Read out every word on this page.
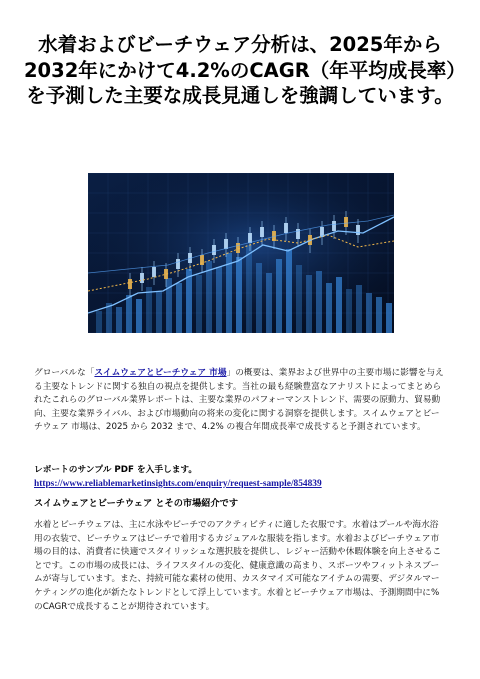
水着およびビーチウェア分析は、2025年から2032年にかけて4.2%のCAGR（年平均成長率）を予測した主要な成長見通しを強調しています。
グローバルな「スイムウェアとビーチウェア 市場」の概要は、業界および世界中の主要市場に影響を与える主要なトレンドに関する独自の視点を提供します。当社の最も経験豊富なアナリストによってまとめられたこれらのグローバル業界レポートは、主要な業界のパフォーマンストレンド、需要の原動力、貿易動向、主要な業界ライバル、および市場動向の将来の変化に関する洞察を提供します。スイムウェアとビーチウェア 市場は、2025 から 2032 まで、4.2% の複合年間成長率で成長すると予測されています。
レポートのサンプル PDF を入手します。
https://www.reliablemarketinsights.com/enquiry/request-sample/854839
スイムウェアとビーチウェア とその市場紹介です
水着とビーチウェアは、主に水泳やビーチでのアクティビティに適した衣服です。水着はプールや海水浴用の衣装で、ビーチウェアはビーチで着用するカジュアルな服装を指します。水着およびビーチウェア市場の目的は、消費者に快適でスタイリッシュな選択肢を提供し、レジャー活動や休暇体験を向上させることです。この市場の成長には、ライフスタイルの変化、健康意識の高まり、スポーツやフィットネスブームが寄与しています。また、持続可能な素材の使用、カスタマイズ可能なアイテムの需要、デジタルマーケティングの進化が新たなトレンドとして浮上しています。水着とビーチウェア市場は、予測期間中に%のCAGRで成長することが期待されています。
